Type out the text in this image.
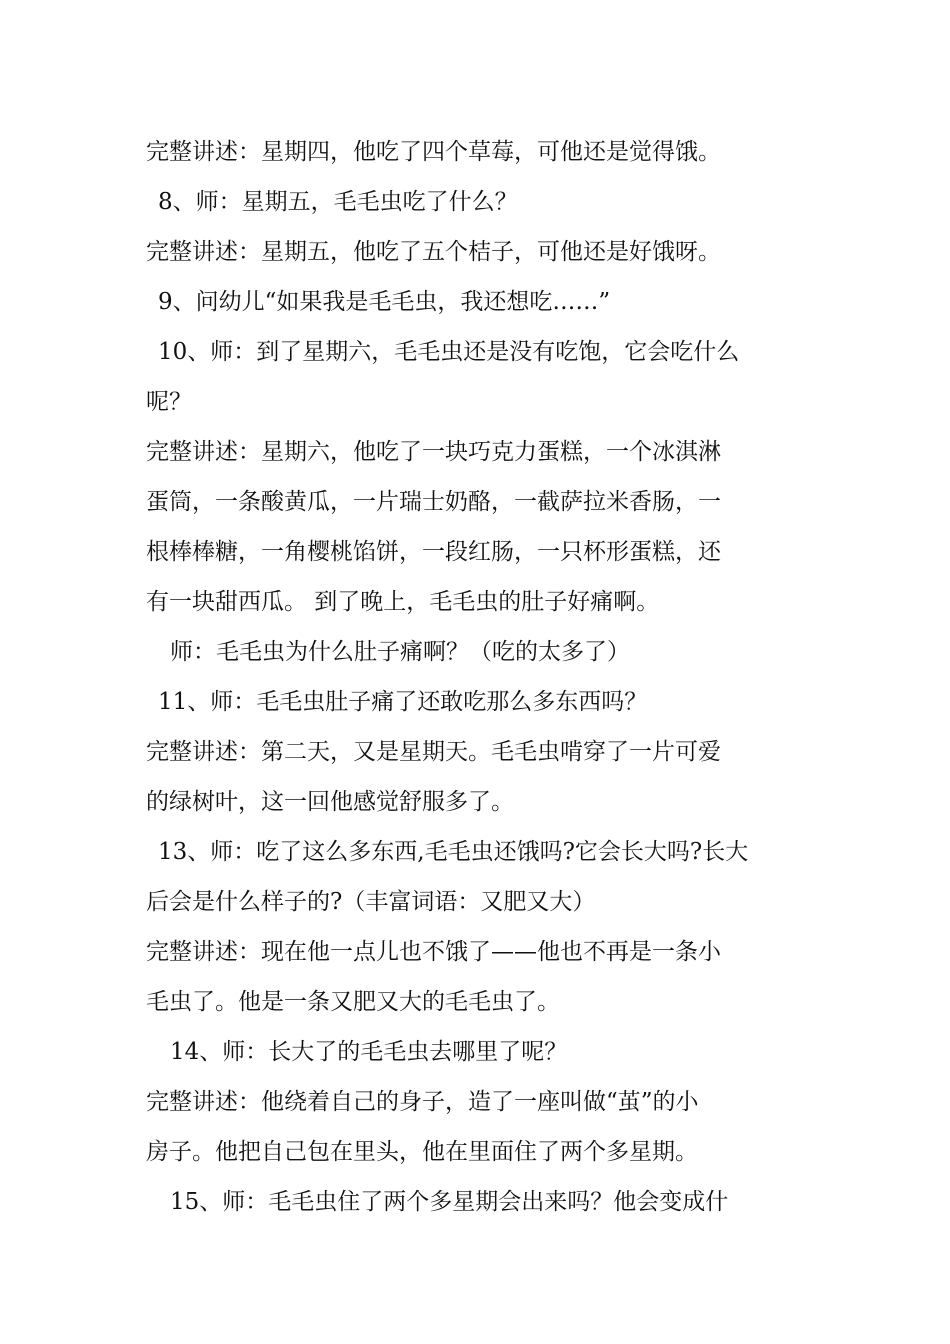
完整讲述：星期四，他吃了四个草莓，可他还是觉得饿。
8、师：星期五，毛毛虫吃了什么？
完整讲述：星期五，他吃了五个桔子，可他还是好饿呀。
9、问幼儿“如果我是毛毛虫，我还想吃……”
10、师：到了星期六，毛毛虫还是没有吃饱，它会吃什么
呢？
完整讲述：星期六，他吃了一块巧克力蛋糕，一个冰淇淋
蛋筒，一条酸黄瓜，一片瑞士奶酪，一截萨拉米香肠，一
根棒棒糖，一角樱桃馅饼，一段红肠，一只杯形蛋糕，还
有一块甜西瓜。 到了晚上，毛毛虫的肚子好痛啊。
师：毛毛虫为什么肚子痛啊？（吃的太多了）
11、师：毛毛虫肚子痛了还敢吃那么多东西吗？
完整讲述：第二天，又是星期天。毛毛虫啃穿了一片可爱
的绿树叶，这一回他感觉舒服多了。
13、师：吃了这么多东西,毛毛虫还饿吗?它会长大吗?长大
后会是什么样子的?（丰富词语：又肥又大）
完整讲述：现在他一点儿也不饿了——他也不再是一条小
毛虫了。他是一条又肥又大的毛毛虫了。
14、师：长大了的毛毛虫去哪里了呢？
完整讲述：他绕着自己的身子，造了一座叫做“茧”的小
房子。他把自己包在里头，他在里面住了两个多星期。
15、师：毛毛虫住了两个多星期会出来吗？他会变成什
